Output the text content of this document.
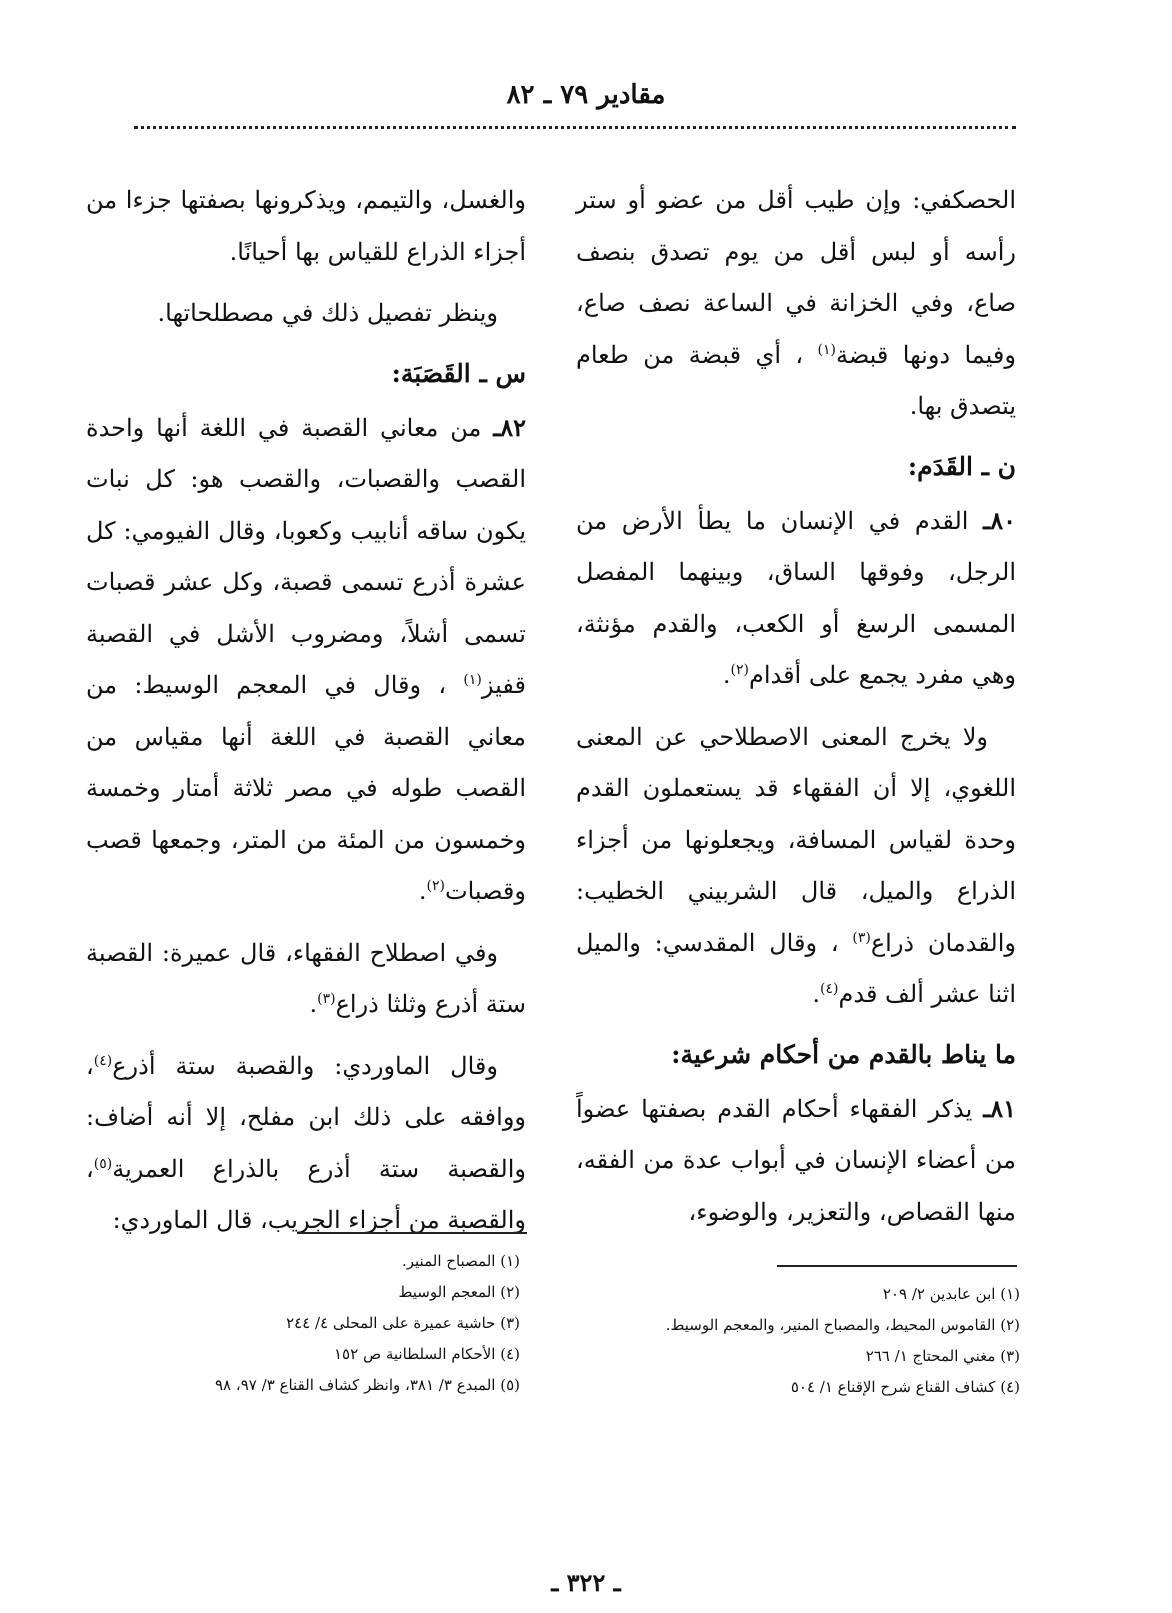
مقادير ٧٩ ـ ٨٢

الحصكفي: وإن طيب أقل من عضو أو ستر رأسه أو لبس أقل من يوم تصدق بنصف صاع، وفي الخزانة في الساعة نصف صاع، وفيما دونها قبضة$^{(١)}$ ، أي قبضة من طعام يتصدق بها.

ن ـ القَدَم:

٨٠ـ القدم في الإنسان ما يطأ الأرض من الرجل، وفوقها الساق، وبينهما المفصل المسمى الرسغ أو الكعب، والقدم مؤنثة، وهي مفرد يجمع على أقدام$^{(٢)}$.

ولا يخرج المعنى الاصطلاحي عن المعنى اللغوي، إلا أن الفقهاء قد يستعملون القدم وحدة لقياس المسافة، ويجعلونها من أجزاء الذراع والميل، قال الشربيني الخطيب: والقدمان ذراع$^{(٣)}$ ، وقال المقدسي: والميل اثنا عشر ألف قدم$^{(٤)}$.

ما يناط بالقدم من أحكام شرعية:

٨١ـ يذكر الفقهاء أحكام القدم بصفتها عضواً من أعضاء الإنسان في أبواب عدة من الفقه، منها القصاص، والتعزير، والوضوء،

والغسل، والتيمم، ويذكرونها بصفتها جزءا من أجزاء الذراع للقياس بها أحيانًا.

وينظر تفصيل ذلك في مصطلحاتها.

س ـ القَصَبَة:

٨٢ـ من معاني القصبة في اللغة أنها واحدة القصب والقصبات، والقصب هو: كل نبات يكون ساقه أنابيب وكعوبا، وقال الفيومي: كل عشرة أذرع تسمى قصبة، وكل عشر قصبات تسمى أشلاً، ومضروب الأشل في القصبة قفيز$^{(١)}$ ، وقال في المعجم الوسيط: من معاني القصبة في اللغة أنها مقياس من القصب طوله في مصر ثلاثة أمتار وخمسة وخمسون من المئة من المتر، وجمعها قصب وقصبات$^{(٢)}$.

وفي اصطلاح الفقهاء، قال عميرة: القصبة ستة أذرع وثلثا ذراع$^{(٣)}$.

وقال الماوردي: والقصبة ستة أذرع$^{(٤)}$، ووافقه على ذلك ابن مفلح، إلا أنه أضاف: والقصبة ستة أذرع بالذراع العمرية$^{(٥)}$، والقصبة من أجزاء الجريب، قال الماوردي:

(١) ابن عابدين ٢/ ٢٠٩
(٢) القاموس المحيط، والمصباح المنير، والمعجم الوسيط.
(٣) مغني المحتاج ١/ ٢٦٦
(٤) كشاف القناع شرح الإقناع ١/ ٥٠٤
(١) المصباح المنير.
(٢) المعجم الوسيط
(٣) حاشية عميرة على المحلى ٤/ ٢٤٤
(٤) الأحكام السلطانية ص ١٥٢
(٥) المبدع ٣/ ٣٨١، وانظر كشاف القناع ٣/ ٩٧، ٩٨
ـ ٣٢٢ ـ
